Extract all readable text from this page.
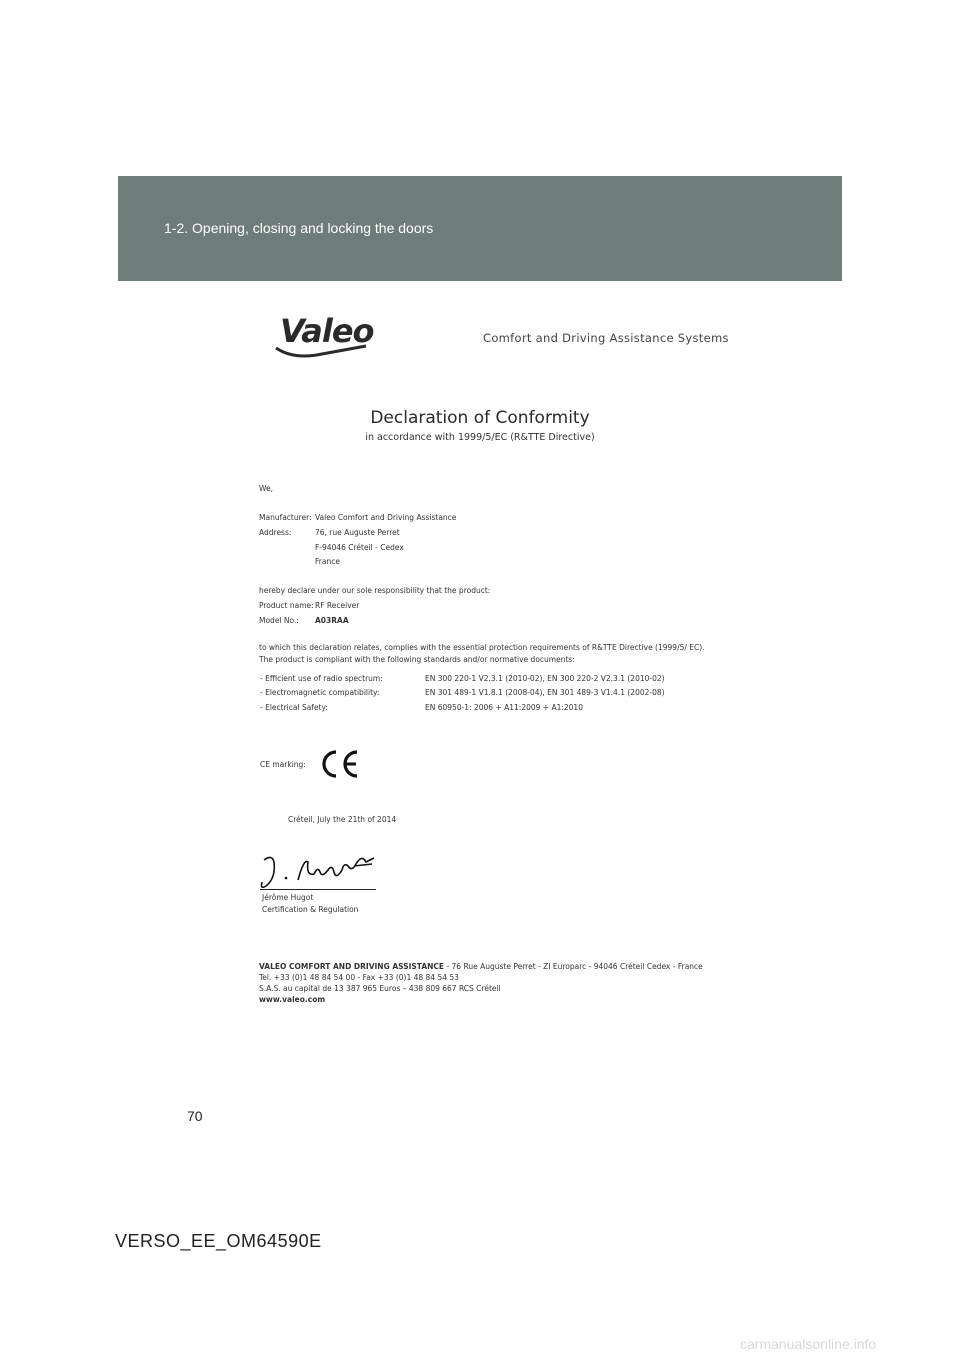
1-2. Opening, closing and locking the doors
Valeo	Comfort and Driving Assistance Systems
Declaration of Conformity
in accordance with 1999/5/EC (R&TTE Directive)
We,
Manufacturer: Valeo Comfort and Driving Assistance
Address:	76, rue Auguste Perret
F-94046 Créteil - Cedex
France
hereby declare under our sole responsibility that the product:
Product name: RF Receiver
Model No.: A03RAA
to which this declaration relates, complies with the essential protection requirements of R&TTE Directive (1999/5/ EC).
The product is compliant with the following standards and/or normative documents:
- Efficient use of radio spectrum:	EN 300 220-1 V2.3.1 (2010-02), EN 300 220-2 V2.3.1 (2010-02)
- Electromagnetic compatibility:	EN 301 489-1 V1.8.1 (2008-04), EN 301 489-3 V1.4.1 (2002-08)
- Electrical Safety:	EN 60950-1: 2006 + A11:2009 + A1:2010
CE marking:
Créteil, July the 21th of 2014
Jérôme Hugot
Certification & Regulation
VALEO COMFORT AND DRIVING ASSISTANCE - 76 Rue Auguste Perret - ZI Europarc - 94046 Créteil Cedex - France
Tel. +33 (0)1 48 84 54 00 - Fax +33 (0)1 48 84 54 53
S.A.S. au capital de 13 387 965 Euros – 438 809 667 RCS Créteil
www.valeo.com
70
VERSO_EE_OM64590E
carmanualsonline.info
